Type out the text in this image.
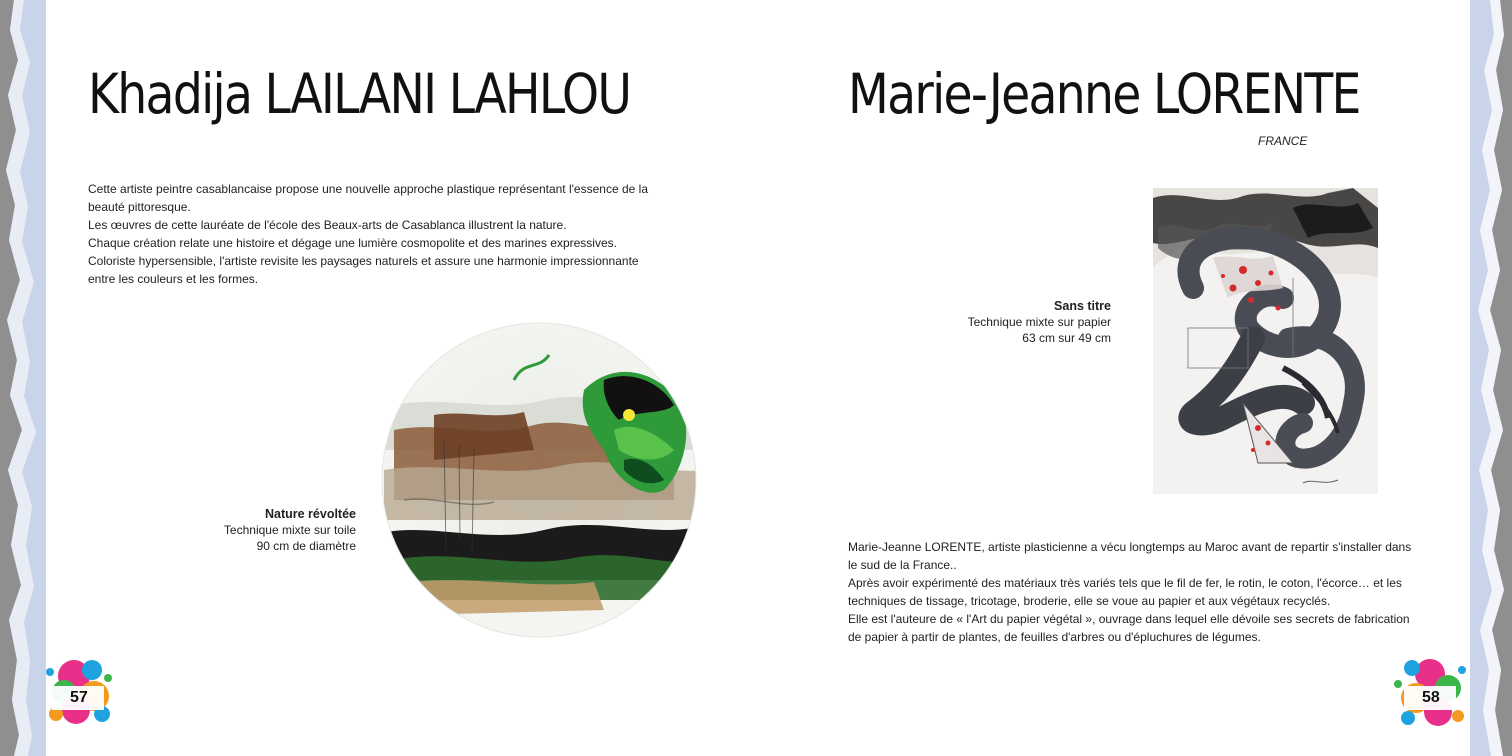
Khadija LAILANI LAHLOU
Cette artiste peintre casablancaise propose une nouvelle approche plastique représentant l'essence de la
beauté pittoresque.
Les œuvres de cette lauréate de l'école des Beaux-arts de Casablanca illustrent la nature.
Chaque création relate une histoire et dégage une lumière cosmopolite et des marines expressives.
Coloriste hypersensible, l'artiste revisite les paysages naturels et assure une harmonie impressionnante
entre les couleurs et les formes.
Nature révoltée
Technique mixte sur toile
90 cm de diamètre
57
Marie-Jeanne LORENTE
FRANCE
Sans titre
Technique mixte sur papier
63 cm sur 49 cm
Marie-Jeanne LORENTE, artiste plasticienne a vécu longtemps au Maroc avant de repartir s'installer dans
le sud de la France..
Après avoir expérimenté des matériaux très variés tels que le fil de fer, le rotin, le coton, l'écorce… et les
techniques de tissage, tricotage, broderie, elle se voue au papier et aux végétaux recyclés.
Elle est l'auteure de « l'Art du papier végétal », ouvrage dans lequel elle dévoile ses secrets de fabrication
de papier à partir de plantes, de feuilles d'arbres ou d'épluchures de légumes.
58
